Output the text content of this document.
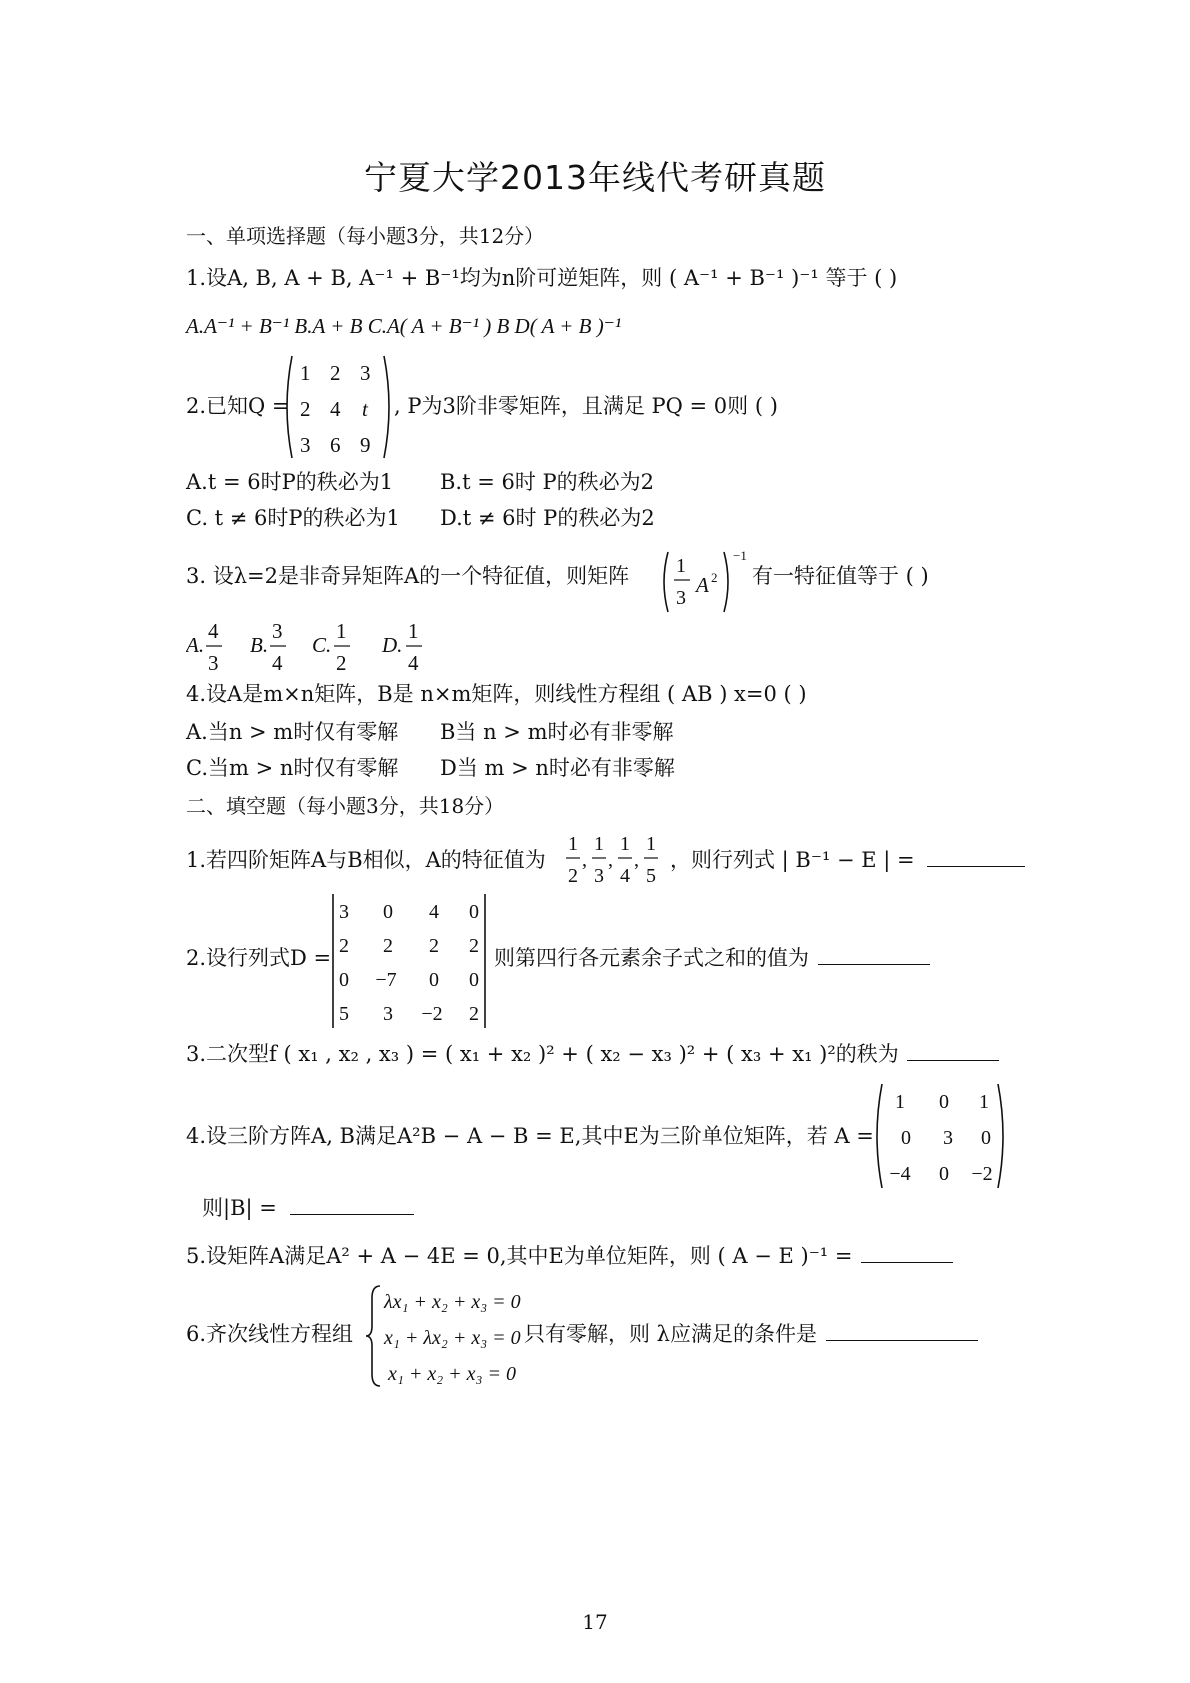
宁夏大学2013年线代考研真题
一、单项选择题（每小题3分，共12分）
1.设A, B, A + B, A⁻¹ + B⁻¹均为n阶可逆矩阵，则 ( A⁻¹ + B⁻¹ )⁻¹ 等于 ( )
A.A⁻¹ + B⁻¹ B.A + B C.A( A + B⁻¹ ) B D( A + B )⁻¹
2.已知Q =
1 2 3
2 4 t
3 6 9
, P为3阶非零矩阵，且满足 PQ = 0则 ( )
A.t = 6时P的秩必为1 B.t = 6时 P的秩必为2
C. t ≠ 6时P的秩必为1 D.t ≠ 6时 P的秩必为2
3. 设λ=2是非奇异矩阵A的一个特征值，则矩阵 1
3
A 2
−1
有一特征值等于 ( )
A.
4
3
B.
3
4
C.
1
2
D.
1
4
4.设A是m×n矩阵，B是 n×m矩阵，则线性方程组 ( AB ) x=0 ( )
A.当n > m时仅有零解 B当 n > m时必有非零解
C.当m > n时仅有零解 D当 m > n时必有非零解
二、填空题（每小题3分，共18分）
1.若四阶矩阵A与B相似，A的特征值为
1
2
,
1
3
,
1
4
,
1
5
，则行列式 | B⁻¹ − E | =
2.设行列式D =
3 0 4 0
2 2 2 2
0 −7 0 0
5 3 −2 2
则第四行各元素余子式之和的值为
3.二次型f ( x₁ , x₂ , x₃ ) = ( x₁ + x₂ )² + ( x₂ − x₃ )² + ( x₃ + x₁ )²的秩为
4.设三阶方阵A, B满足A²B − A − B = E,其中E为三阶单位矩阵，若 A =
1 0 1
0 3 0
−4 0 −2
则|B| =
5.设矩阵A满足A² + A − 4E = 0,其中E为单位矩阵，则 ( A − E )⁻¹ =
6.齐次线性方程组
λx₁ + x₂ + x₃ = 0
x₁ + λx₂ + x₃ = 0
x₁ + x₂ + x₃ = 0
只有零解，则 λ应满足的条件是
17
